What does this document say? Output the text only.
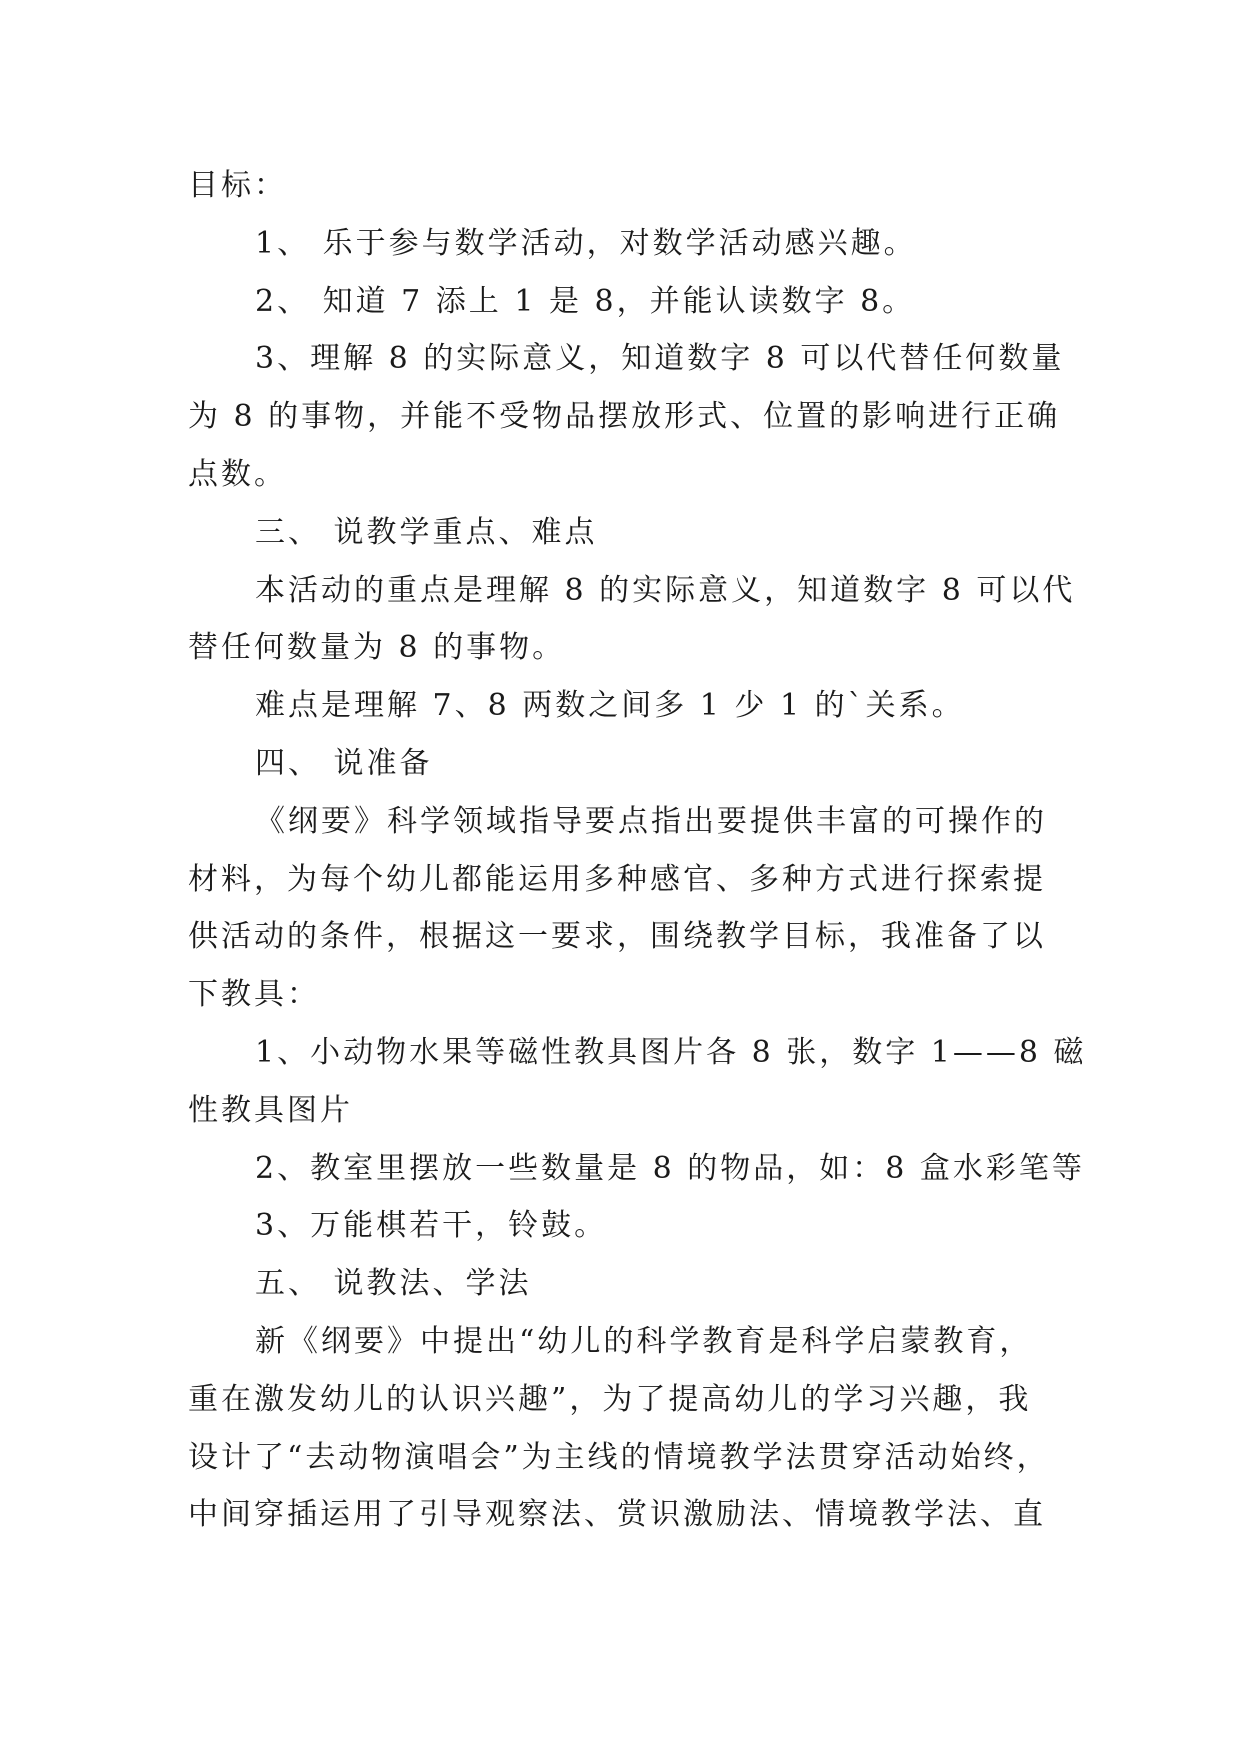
目标：
1、 乐于参与数学活动，对数学活动感兴趣。
2、 知道 7 添上 1 是 8，并能认读数字 8。
3、理解 8 的实际意义，知道数字 8 可以代替任何数量
为 8 的事物，并能不受物品摆放形式、位置的影响进行正确
点数。
三、 说教学重点、难点
本活动的重点是理解 8 的实际意义，知道数字 8 可以代
替任何数量为 8 的事物。
难点是理解 7、8 两数之间多 1 少 1 的`关系。
四、 说准备
《纲要》科学领域指导要点指出要提供丰富的可操作的
材料，为每个幼儿都能运用多种感官、多种方式进行探索提
供活动的条件，根据这一要求，围绕教学目标，我准备了以
下教具：
1、小动物水果等磁性教具图片各 8 张，数字 1——8 磁
性教具图片
2、教室里摆放一些数量是 8 的物品，如：8 盒水彩笔等
3、万能棋若干，铃鼓。
五、 说教法、学法
新《纲要》中提出“幼儿的科学教育是科学启蒙教育，
重在激发幼儿的认识兴趣”，为了提高幼儿的学习兴趣，我
设计了“去动物演唱会”为主线的情境教学法贯穿活动始终，
中间穿插运用了引导观察法、赏识激励法、情境教学法、直
